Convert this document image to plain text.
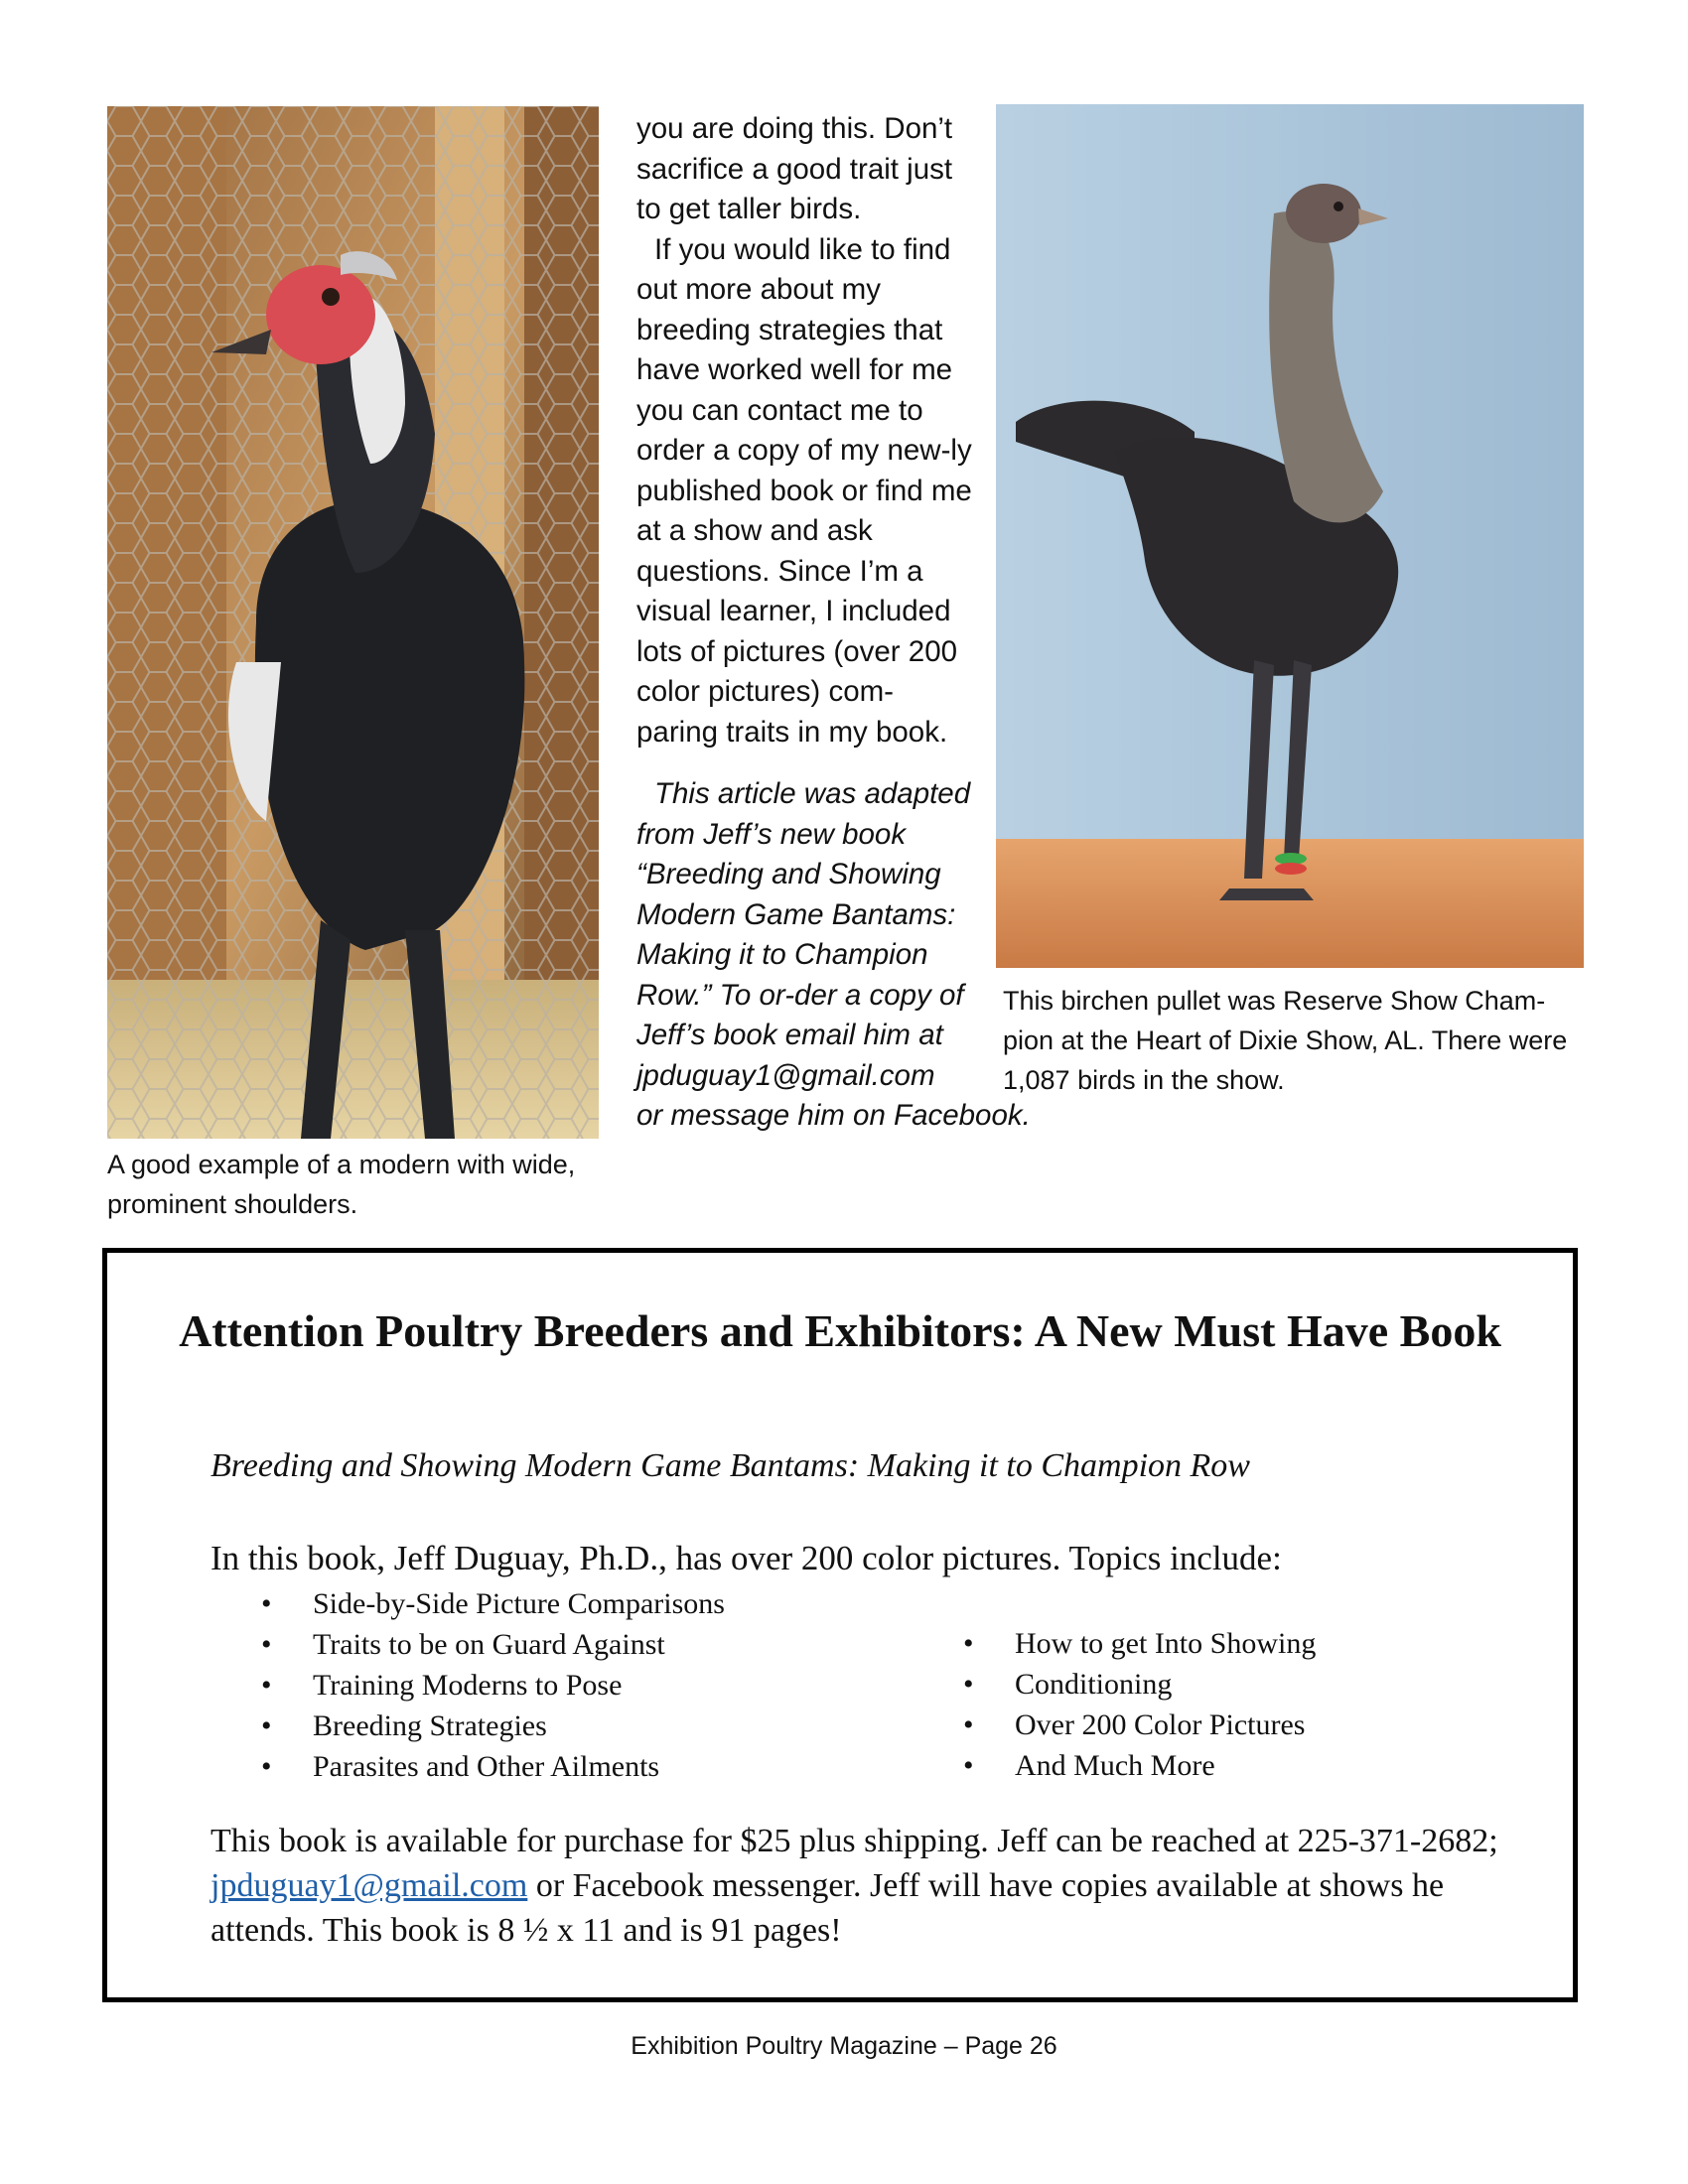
A good example of a modern with wide, prominent shoulders.

you are doing this. Don’t sacrifice a good trait just to get taller birds.

If you would like to find out more about my breeding strategies that have worked well for me you can contact me to order a copy of my new-ly published book or find me at a show and ask questions. Since I’m a visual learner, I included lots of pictures (over 200 color pictures) com-paring traits in my book.

This article was adapted from Jeff’s new book “Breeding and Showing Modern Game Bantams: Making it to Champion Row.” To or-der a copy of Jeff’s book email him at jpduguay1@gmail.com or message him on Facebook.

This birchen pullet was Reserve Show Cham-pion at the Heart of Dixie Show, AL. There were 1,087 birds in the show.
Attention Poultry Breeders and Exhibitors: A New Must Have Book
Breeding and Showing Modern Game Bantams: Making it to Champion Row
In this book, Jeff Duguay, Ph.D., has over 200 color pictures. Topics include:
• Side-by-Side Picture Comparisons
• Traits to be on Guard Against
• Training Moderns to Pose
• Breeding Strategies
• Parasites and Other Ailments
• How to get Into Showing
• Conditioning
• Over 200 Color Pictures
• And Much More
This book is available for purchase for $25 plus shipping. Jeff can be reached at 225-371-2682; jpduguay1@gmail.com or Facebook messenger. Jeff will have copies available at shows he attends. This book is 8 ½ x 11 and is 91 pages!
Exhibition Poultry Magazine – Page 26
